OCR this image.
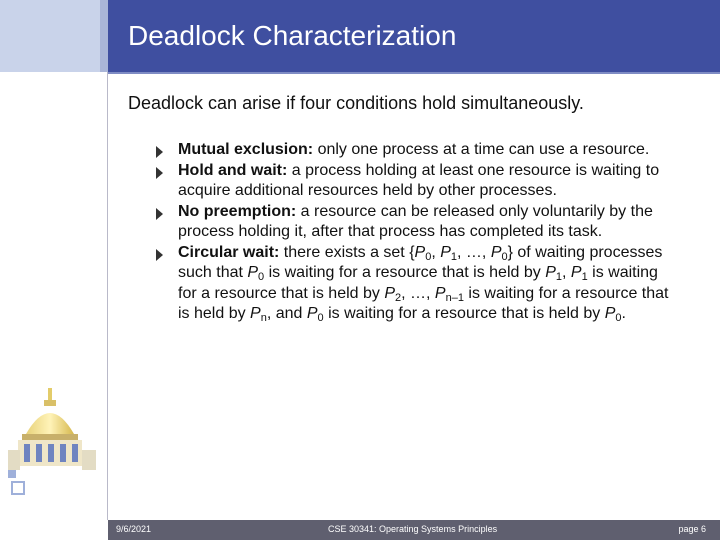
Deadlock Characterization
Deadlock can arise if four conditions hold simultaneously.
Mutual exclusion: only one process at a time can use a resource.
Hold and wait: a process holding at least one resource is waiting to acquire additional resources held by other processes.
No preemption: a resource can be released only voluntarily by the process holding it, after that process has completed its task.
Circular wait: there exists a set {$P_0$, $P_1$, …, $P_0$} of waiting processes such that $P_0$ is waiting for a resource that is held by $P_1$, $P_1$ is waiting for a resource that is held by $P_2$, …, $P_{n-1}$ is waiting for a resource that is held by $P_n$, and $P_0$ is waiting for a resource that is held by $P_0$.
9/6/2021	CSE 30341: Operating Systems Principles	page 6
